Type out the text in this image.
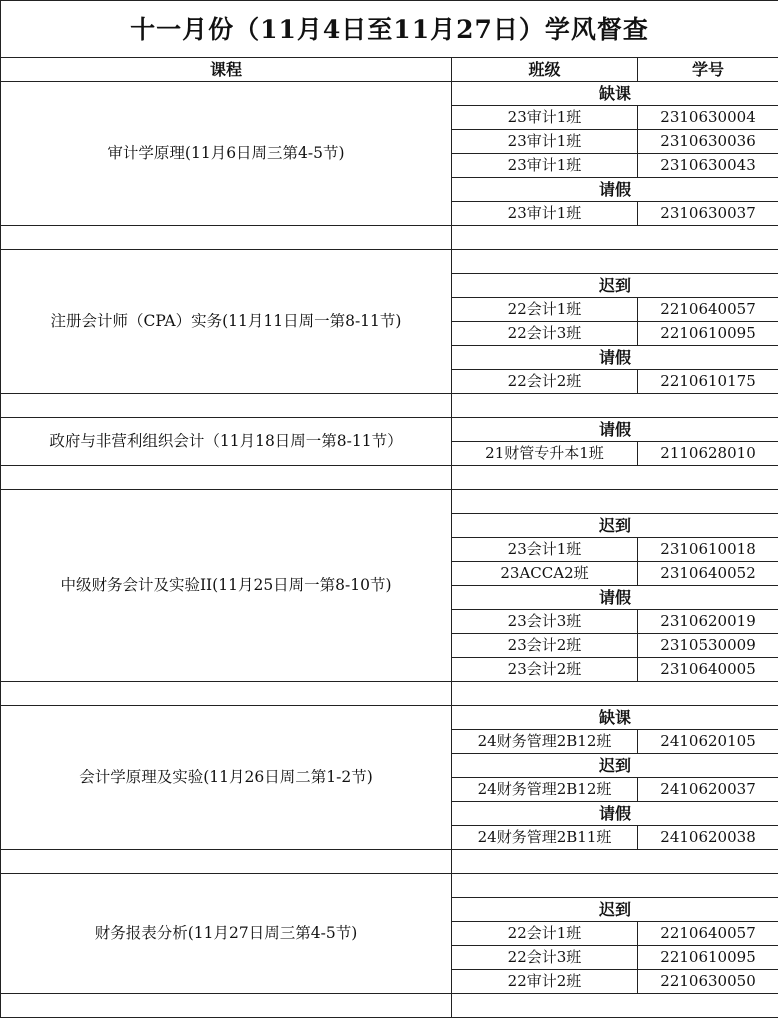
十一月份（11月4日至11月27日）学风督查		
课程	班级	学号
审计学原理(11月6日周三第4-5节)	缺课	
	23审计1班	2310630004
	23审计1班	2310630036
	23审计1班	2310630043
	请假	
	23审计1班	2310630037

注册会计师（CPA）实务(11月11日周一第8-11节)		
	迟到	
	22会计1班	2210640057
	22会计3班	2210610095
	请假	
	22会计2班	2210610175

政府与非营利组织会计（11月18日周一第8-11节）	请假	
	21财管专升本1班	2110628010

中级财务会计及实验II(11月25日周一第8-10节)		
	迟到	
	23会计1班	2310610018
	23ACCA2班	2310640052
	请假	
	23会计3班	2310620019
	23会计2班	2310530009
	23会计2班	2310640005

会计学原理及实验(11月26日周二第1-2节)	缺课	
	24财务管理2B12班	2410620105
	迟到	
	24财务管理2B12班	2410620037
	请假	
	24财务管理2B11班	2410620038

财务报表分析(11月27日周三第4-5节)		
	迟到	
	22会计1班	2210640057
	22会计3班	2210610095
	22审计2班	2210630050
